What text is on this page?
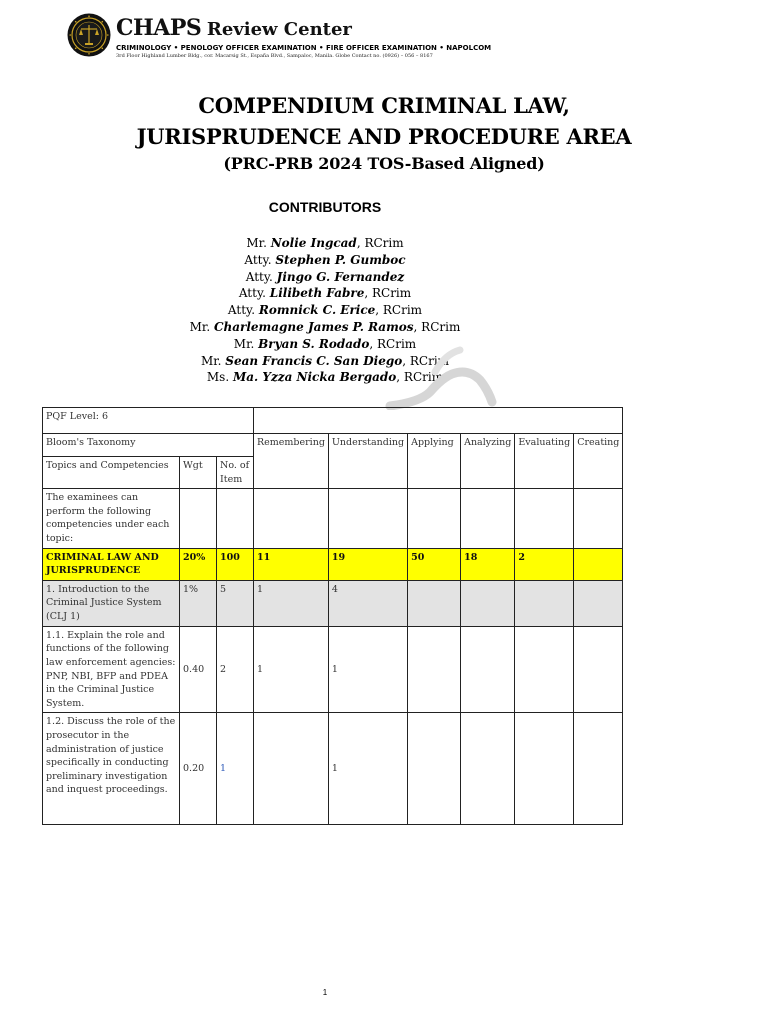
CHAPS Review Center
CRIMINOLOGY • PENOLOGY OFFICER EXAMINATION • FIRE OFFICER EXAMINATION • NAPOLCOM
3rd Floor Highland Lumber Bldg., cor. Macarsig St., España Blvd., Sampaloc, Manila. Globe Contact no. (0926) – 056 – 8167
COMPENDIUM CRIMINAL LAW,
JURISPRUDENCE AND PROCEDURE AREA
(PRC-PRB 2024 TOS-Based Aligned)
CONTRIBUTORS
Mr. Nolie Ingcad, RCrim
Atty. Stephen P. Gumboc
Atty. Jingo G. Fernandez
Atty. Lilibeth Fabre, RCrim
Atty. Romnick C. Erice, RCrim
Mr. Charlemagne James P. Ramos, RCrim
Mr. Bryan S. Rodado, RCrim
Mr. Sean Francis C. San Diego, RCrim
Ms. Ma. Yzza Nicka Bergado, RCrim
PQF Level: 6								
Bloom's Taxonomy			Remembering	Understanding	Applying	Analyzing	Evaluating	Creating
Topics and Competencies	Wgt	No. of Item						
The examinees can perform the following competencies under each topic:								
CRIMINAL LAW AND JURISPRUDENCE	20%	100	11	19	50	18	2	
1. Introduction to the Criminal Justice System (CLJ 1)	1%	5	1	4				
1.1. Explain the role and functions of the following law enforcement agencies: PNP, NBI, BFP and PDEA in the Criminal Justice System.	0.40	2	1	1				
1.2. Discuss the role of the prosecutor in the administration of justice specifically in conducting preliminary investigation and inquest proceedings.	0.20	1		1				
1
